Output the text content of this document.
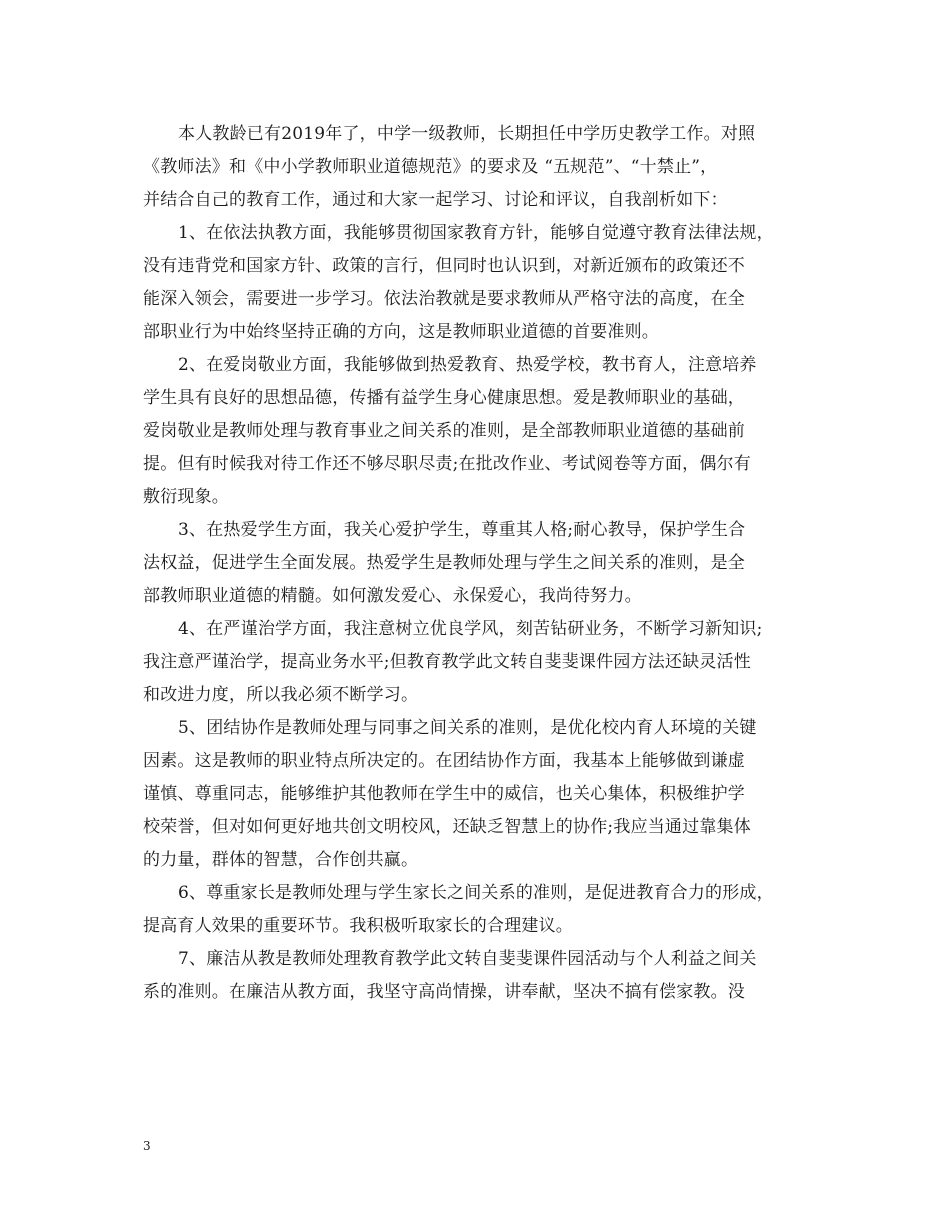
本人教龄已有2019年了，中学一级教师，长期担任中学历史教学工作。对照
《教师法》和《中小学教师职业道德规范》的要求及 “五规范”、“十禁止”，
并结合自己的教育工作，通过和大家一起学习、讨论和评议，自我剖析如下：
1、在依法执教方面，我能够贯彻国家教育方针，能够自觉遵守教育法律法规，
没有违背党和国家方针、政策的言行，但同时也认识到，对新近颁布的政策还不
能深入领会，需要进一步学习。依法治教就是要求教师从严格守法的高度，在全
部职业行为中始终坚持正确的方向，这是教师职业道德的首要准则。
2、在爱岗敬业方面，我能够做到热爱教育、热爱学校，教书育人，注意培养
学生具有良好的思想品德，传播有益学生身心健康思想。爱是教师职业的基础，
爱岗敬业是教师处理与教育事业之间关系的准则，是全部教师职业道德的基础前
提。但有时候我对待工作还不够尽职尽责;在批改作业、考试阅卷等方面，偶尔有
敷衍现象。
3、在热爱学生方面，我关心爱护学生，尊重其人格;耐心教导，保护学生合
法权益，促进学生全面发展。热爱学生是教师处理与学生之间关系的准则，是全
部教师职业道德的精髓。如何激发爱心、永保爱心，我尚待努力。
4、在严谨治学方面，我注意树立优良学风，刻苦钻研业务，不断学习新知识;
我注意严谨治学，提高业务水平;但教育教学此文转自斐斐课件园方法还缺灵活性
和改进力度，所以我必须不断学习。
5、团结协作是教师处理与同事之间关系的准则，是优化校内育人环境的关键
因素。这是教师的职业特点所决定的。在团结协作方面，我基本上能够做到谦虚
谨慎、尊重同志，能够维护其他教师在学生中的威信，也关心集体，积极维护学
校荣誉，但对如何更好地共创文明校风，还缺乏智慧上的协作;我应当通过靠集体
的力量，群体的智慧，合作创共赢。
6、尊重家长是教师处理与学生家长之间关系的准则，是促进教育合力的形成，
提高育人效果的重要环节。我积极听取家长的合理建议。
7、廉洁从教是教师处理教育教学此文转自斐斐课件园活动与个人利益之间关
系的准则。在廉洁从教方面，我坚守高尚情操，讲奉献，坚决不搞有偿家教。没
3
